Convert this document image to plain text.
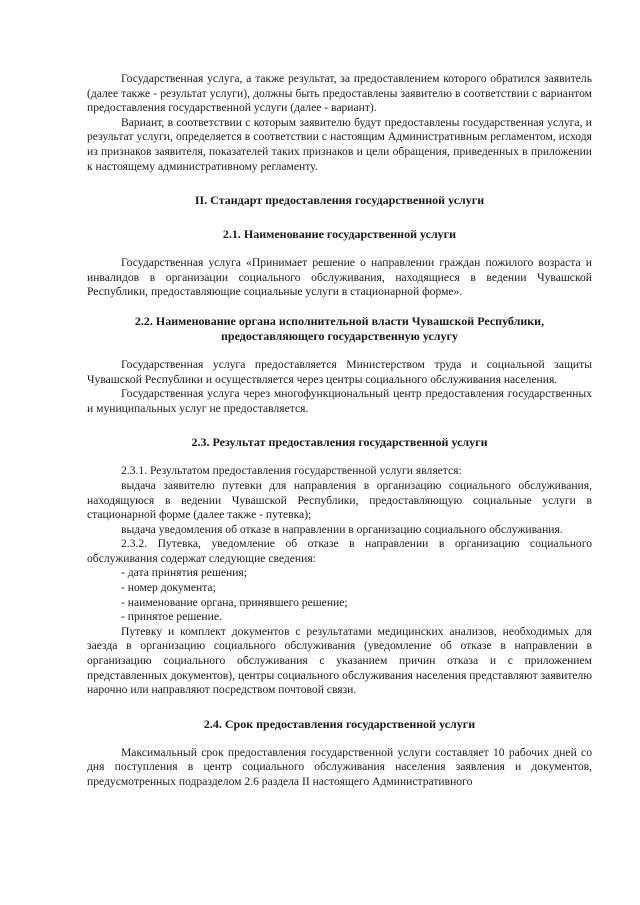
Государственная услуга, а также результат, за предоставлением которого обратился заявитель (далее также - результат услуги), должны быть предоставлены заявителю в соответствии с вариантом предоставления государственной услуги (далее - вариант).

Вариант, в соответствии с которым заявителю будут предоставлены государственная услуга, и результат услуги, определяется в соответствии с настоящим Административным регламентом, исходя из признаков заявителя, показателей таких признаков и цели обращения, приведенных в приложении к настоящему административному регламенту.

II. Стандарт предоставления государственной услуги

2.1. Наименование государственной услуги

Государственная услуга «Принимает решение о направлении граждан пожилого возраста и инвалидов в организации социального обслуживания, находящиеся в ведении Чувашской Республики, предоставляющие социальные услуги в стационарной форме».

2.2. Наименование органа исполнительной власти Чувашской Республики,

предоставляющего государственную услугу

Государственная услуга предоставляется Министерством труда и социальной защиты Чувашской Республики и осуществляется через центры социального обслуживания населения.

Государственная услуга через многофункциональный центр предоставления государственных и муниципальных услуг не предоставляется.

2.3. Результат предоставления государственной услуги

2.3.1. Результатом предоставления государственной услуги является:

выдача заявителю путевки для направления в организацию социального обслуживания, находящуюся в ведении Чувашской Республики, предоставляющую социальные услуги в стационарной форме (далее также - путевка);

выдача уведомления об отказе в направлении в организацию социального обслуживания.

2.3.2. Путевка, уведомление об отказе в направлении в организацию социального обслуживания содержат следующие сведения:

- дата принятия решения;

- номер документа;

- наименование органа, принявшего решение;

- принятое решение.

Путевку и комплект документов с результатами медицинских анализов, необходимых для заезда в организацию социального обслуживания (уведомление об отказе в направлении в организацию социального обслуживания с указанием причин отказа и с приложением представленных документов), центры социального обслуживания населения представляют заявителю нарочно или направляют посредством почтовой связи.

2.4. Срок предоставления государственной услуги

Максимальный срок предоставления государственной услуги составляет 10 рабочих дней со дня поступления в центр социального обслуживания населения заявления и документов, предусмотренных подразделом 2.6 раздела II настоящего Административного
